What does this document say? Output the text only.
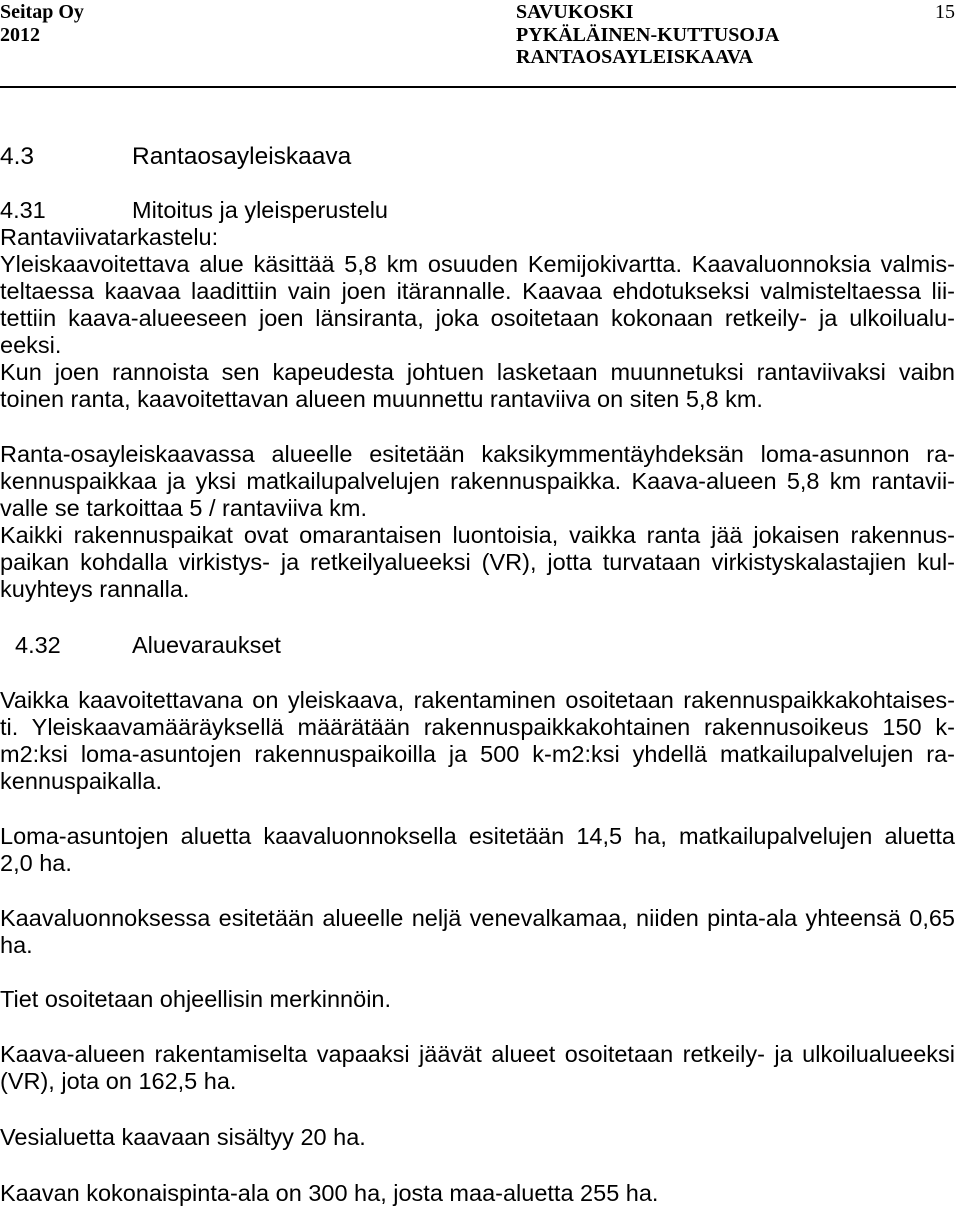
Seitap Oy
2012
SAVUKOSKI
PYKÄLÄINEN-KUTTUSOJA
RANTAOSAYLEISKAAVA
15
4.3	Rantaosayleiskaava
4.31	Mitoitus ja yleisperustelu
Rantaviivatarkastelu:
Yleiskaavoitettava alue käsittää 5,8 km osuuden Kemijokivartta. Kaavaluonnoksia valmis-
teltaessa kaavaa laadittiin vain joen itärannalle. Kaavaa ehdotukseksi valmisteltaessa lii-
tettiin kaava-alueeseen joen länsiranta, joka osoitetaan kokonaan retkeily- ja ulkoilualu-
eeksi.
Kun joen rannoista sen kapeudesta johtuen lasketaan muunnetuksi rantaviivaksi vaibn
toinen ranta, kaavoitettavan alueen muunnettu rantaviiva on siten 5,8 km.
Ranta-osayleiskaavassa alueelle esitetään kaksikymmentäyhdeksän loma-asunnon ra-
kennuspaikkaa ja yksi matkailupalvelujen rakennuspaikka. Kaava-alueen 5,8 km rantavii-
valle se tarkoittaa 5 / rantaviiva km.
Kaikki rakennuspaikat ovat omarantaisen luontoisia, vaikka ranta jää jokaisen rakennus-
paikan kohdalla virkistys- ja retkeilyalueeksi (VR), jotta turvataan virkistyskalastajien kul-
kuyhteys rannalla.
4.32	Aluevaraukset
Vaikka kaavoitettavana on yleiskaava, rakentaminen osoitetaan rakennuspaikkakohtaises-
ti. Yleiskaavamääräyksellä määrätään rakennuspaikkakohtainen rakennusoikeus 150 k-
m2:ksi loma-asuntojen rakennuspaikoilla ja 500 k-m2:ksi yhdellä matkailupalvelujen ra-
kennuspaikalla.
Loma-asuntojen aluetta kaavaluonnoksella esitetään 14,5 ha, matkailupalvelujen aluetta
2,0 ha.
Kaavaluonnoksessa esitetään alueelle neljä venevalkamaa, niiden pinta-ala yhteensä 0,65
ha.
Tiet osoitetaan ohjeellisin merkinnöin.
Kaava-alueen rakentamiselta vapaaksi jäävät alueet osoitetaan retkeily- ja ulkoilualueeksi
(VR), jota on 162,5 ha.
Vesialuetta kaavaan sisältyy 20 ha.
Kaavan kokonaispinta-ala on 300 ha, josta maa-aluetta 255 ha.
